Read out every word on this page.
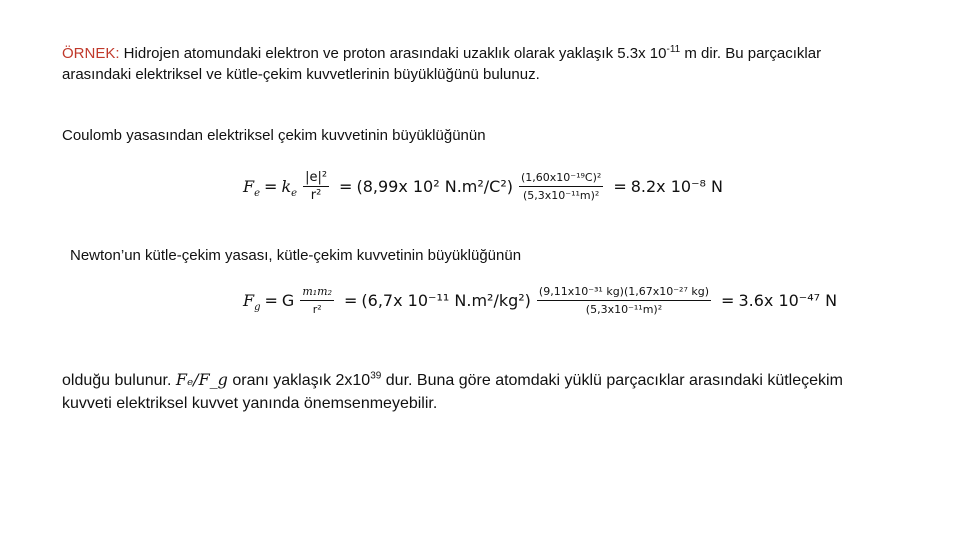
ÖRNEK: Hidrojen atomundaki elektron ve proton arasındaki uzaklık olarak yaklaşık 5.3x $10^{-11}$ m dir. Bu parçacıklar
arasındaki elektriksel ve kütle-çekim kuvvetlerinin büyüklüğünü bulunuz.

Coulomb yasasından elektriksel çekim kuvvetinin büyüklüğünün

$F_e = k_e \frac{\text{|e|²}}{\text{r²}} = (8,99x$ 10² $N.m^2/C^2) \frac{\text{(1,60x10⁻¹⁹C)²}}{\text{(5,3x10⁻¹¹m)²}} = 8.2x$ 10⁻⁸ N

Newton’un kütle-çekim yasası, kütle-çekim kuvvetinin büyüklüğünün

$F_g = G \frac{\text{m₁m₂}}{\text{r²}} = (6,7x$ 10⁻¹¹ $N.m^2/kg^2) \frac{\text{(9,11x10⁻³¹ kg)(1,67x10⁻²⁷ kg)}}{\text{(5,3x10⁻¹¹m)²}} = 3.6x$ 10⁻⁴⁷ N

olduğu bulunur. Fₑ/F_g oranı yaklaşık $2x10^{39}$ dur. Buna göre atomdaki yüklü parçacıklar arasındaki kütleçekim
kuvveti elektriksel kuvvet yanında önemsenmeyebilir.
